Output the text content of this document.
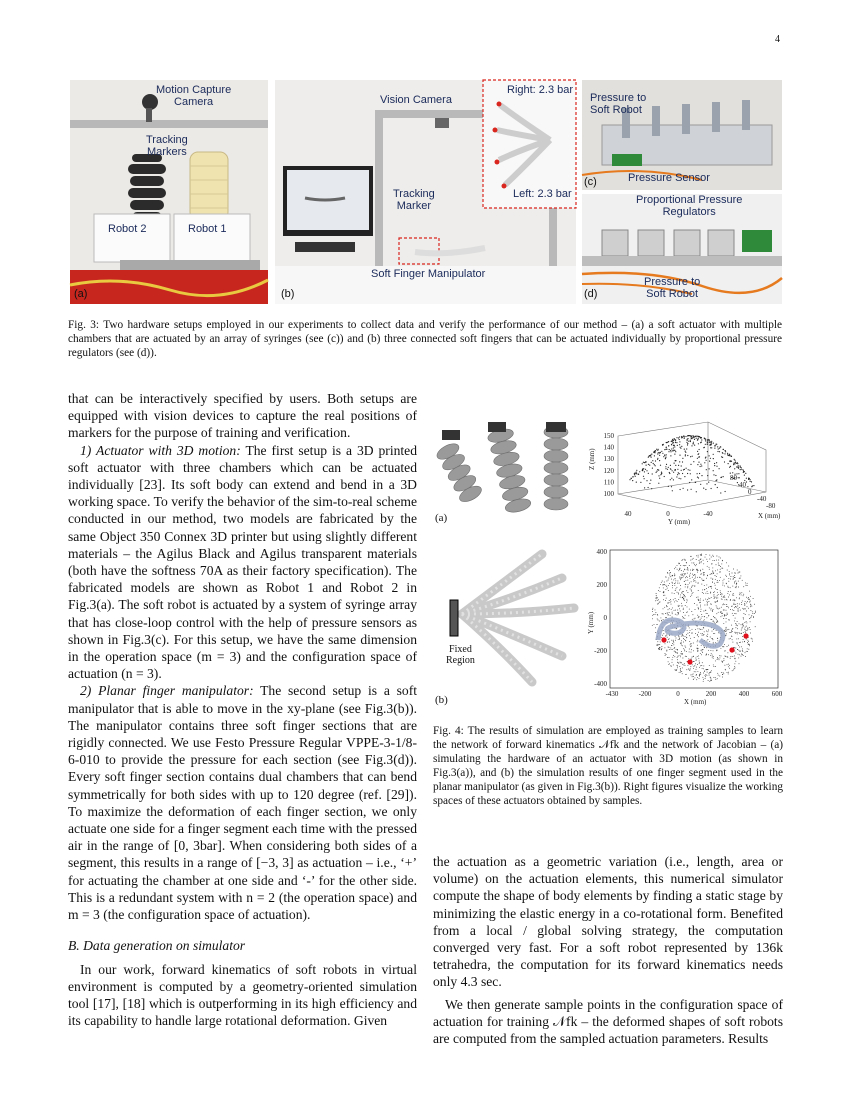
4
Motion Capture
Camera
Tracking
Markers
Robot 2	Robot 1
(a)
Vision Camera
Right: 2.3 bar
Left: 2.3 bar
Tracking
Marker
Soft Finger Manipulator
(b)
Pressure to
Soft Robot
Pressure Sensor
(c)
Proportional Pressure
Regulators
Pressure to
Soft Robot
(d)
Fig. 3: Two hardware setups employed in our experiments to collect data and verify the performance of our method – (a) a soft actuator with multiple chambers that are actuated by an array of syringes (see (c)) and (b) three connected soft fingers that can be actuated individually by proportional pressure regulators (see (d)).

that can be interactively specified by users. Both setups are equipped with vision devices to capture the real positions of markers for the purpose of training and verification.

1) Actuator with 3D motion: The first setup is a 3D printed soft actuator with three chambers which can be actuated individually [23]. Its soft body can extend and bend in a 3D working space. To verify the behavior of the sim-to-real scheme conducted in our method, two models are fabricated by the same Object 350 Connex 3D printer but using slightly different materials – the Agilus Black and Agilus transparent materials (both have the softness 70A as their factory specification). The fabricated models are shown as Robot 1 and Robot 2 in Fig.3(a). The soft robot is actuated by a system of syringe array that has close-loop control with the help of pressure sensors as shown in Fig.3(c). For this setup, we have the same dimension in the operation space (m = 3) and the configuration space of actuation (n = 3).

2) Planar finger manipulator: The second setup is a soft manipulator that is able to move in the xy-plane (see Fig.3(b)). The manipulator contains three soft finger sections that are rigidly connected. We use Festo Pressure Regular VPPE-3-1/8-6-010 to provide the pressure for each section (see Fig.3(d)). Every soft finger section contains dual chambers that can bend symmetrically for both sides with up to 120 degree (ref. [29]). To maximize the deformation of each finger section, we only actuate one side for a finger segment each time with the pressed air in the range of [0, 3bar]. When considering both sides of a segment, this results in a range of [−3, 3] as actuation – i.e., ‘+’ for actuating the chamber at one side and ‘-’ for the other side. This is a redundant system with n = 2 (the operation space) and m = 3 (the configuration space of actuation).

B. Data generation on simulator

In our work, forward kinematics of soft robots in virtual environment is computed by a geometry-oriented simulation tool [17], [18] which is outperforming in its high efficiency and its capability to handle large rotational deformation. Given

(a)
150
140
130
120
110
100
40	0	-40
80
40
0
-40
-80
Z (mm)
Y (mm)
X (mm)
Fixed
Region
(b)
400
200
0
-200
-400
-430	-200	0	200	400	600
Y (mm)
X (mm)
Fig. 4: The results of simulation are employed as training samples to learn the network of forward kinematics 𝒩fk and the network of Jacobian – (a) simulating the hardware of an actuator with 3D motion (as shown in Fig.3(a)), and (b) the simulation results of one finger segment used in the planar manipulator (as given in Fig.3(b)). Right figures visualize the working spaces of these actuators obtained by samples.

the actuation as a geometric variation (i.e., length, area or volume) on the actuation elements, this numerical simulator compute the shape of body elements by finding a static stage by minimizing the elastic energy in a co-rotational form. Benefited from a local / global solving strategy, the computation converged very fast. For a soft robot represented by 136k tetrahedra, the computation for its forward kinematics needs only 4.3 sec.

We then generate sample points in the configuration space of actuation for training 𝒩fk – the deformed shapes of soft robots are computed from the sampled actuation parameters. Results
